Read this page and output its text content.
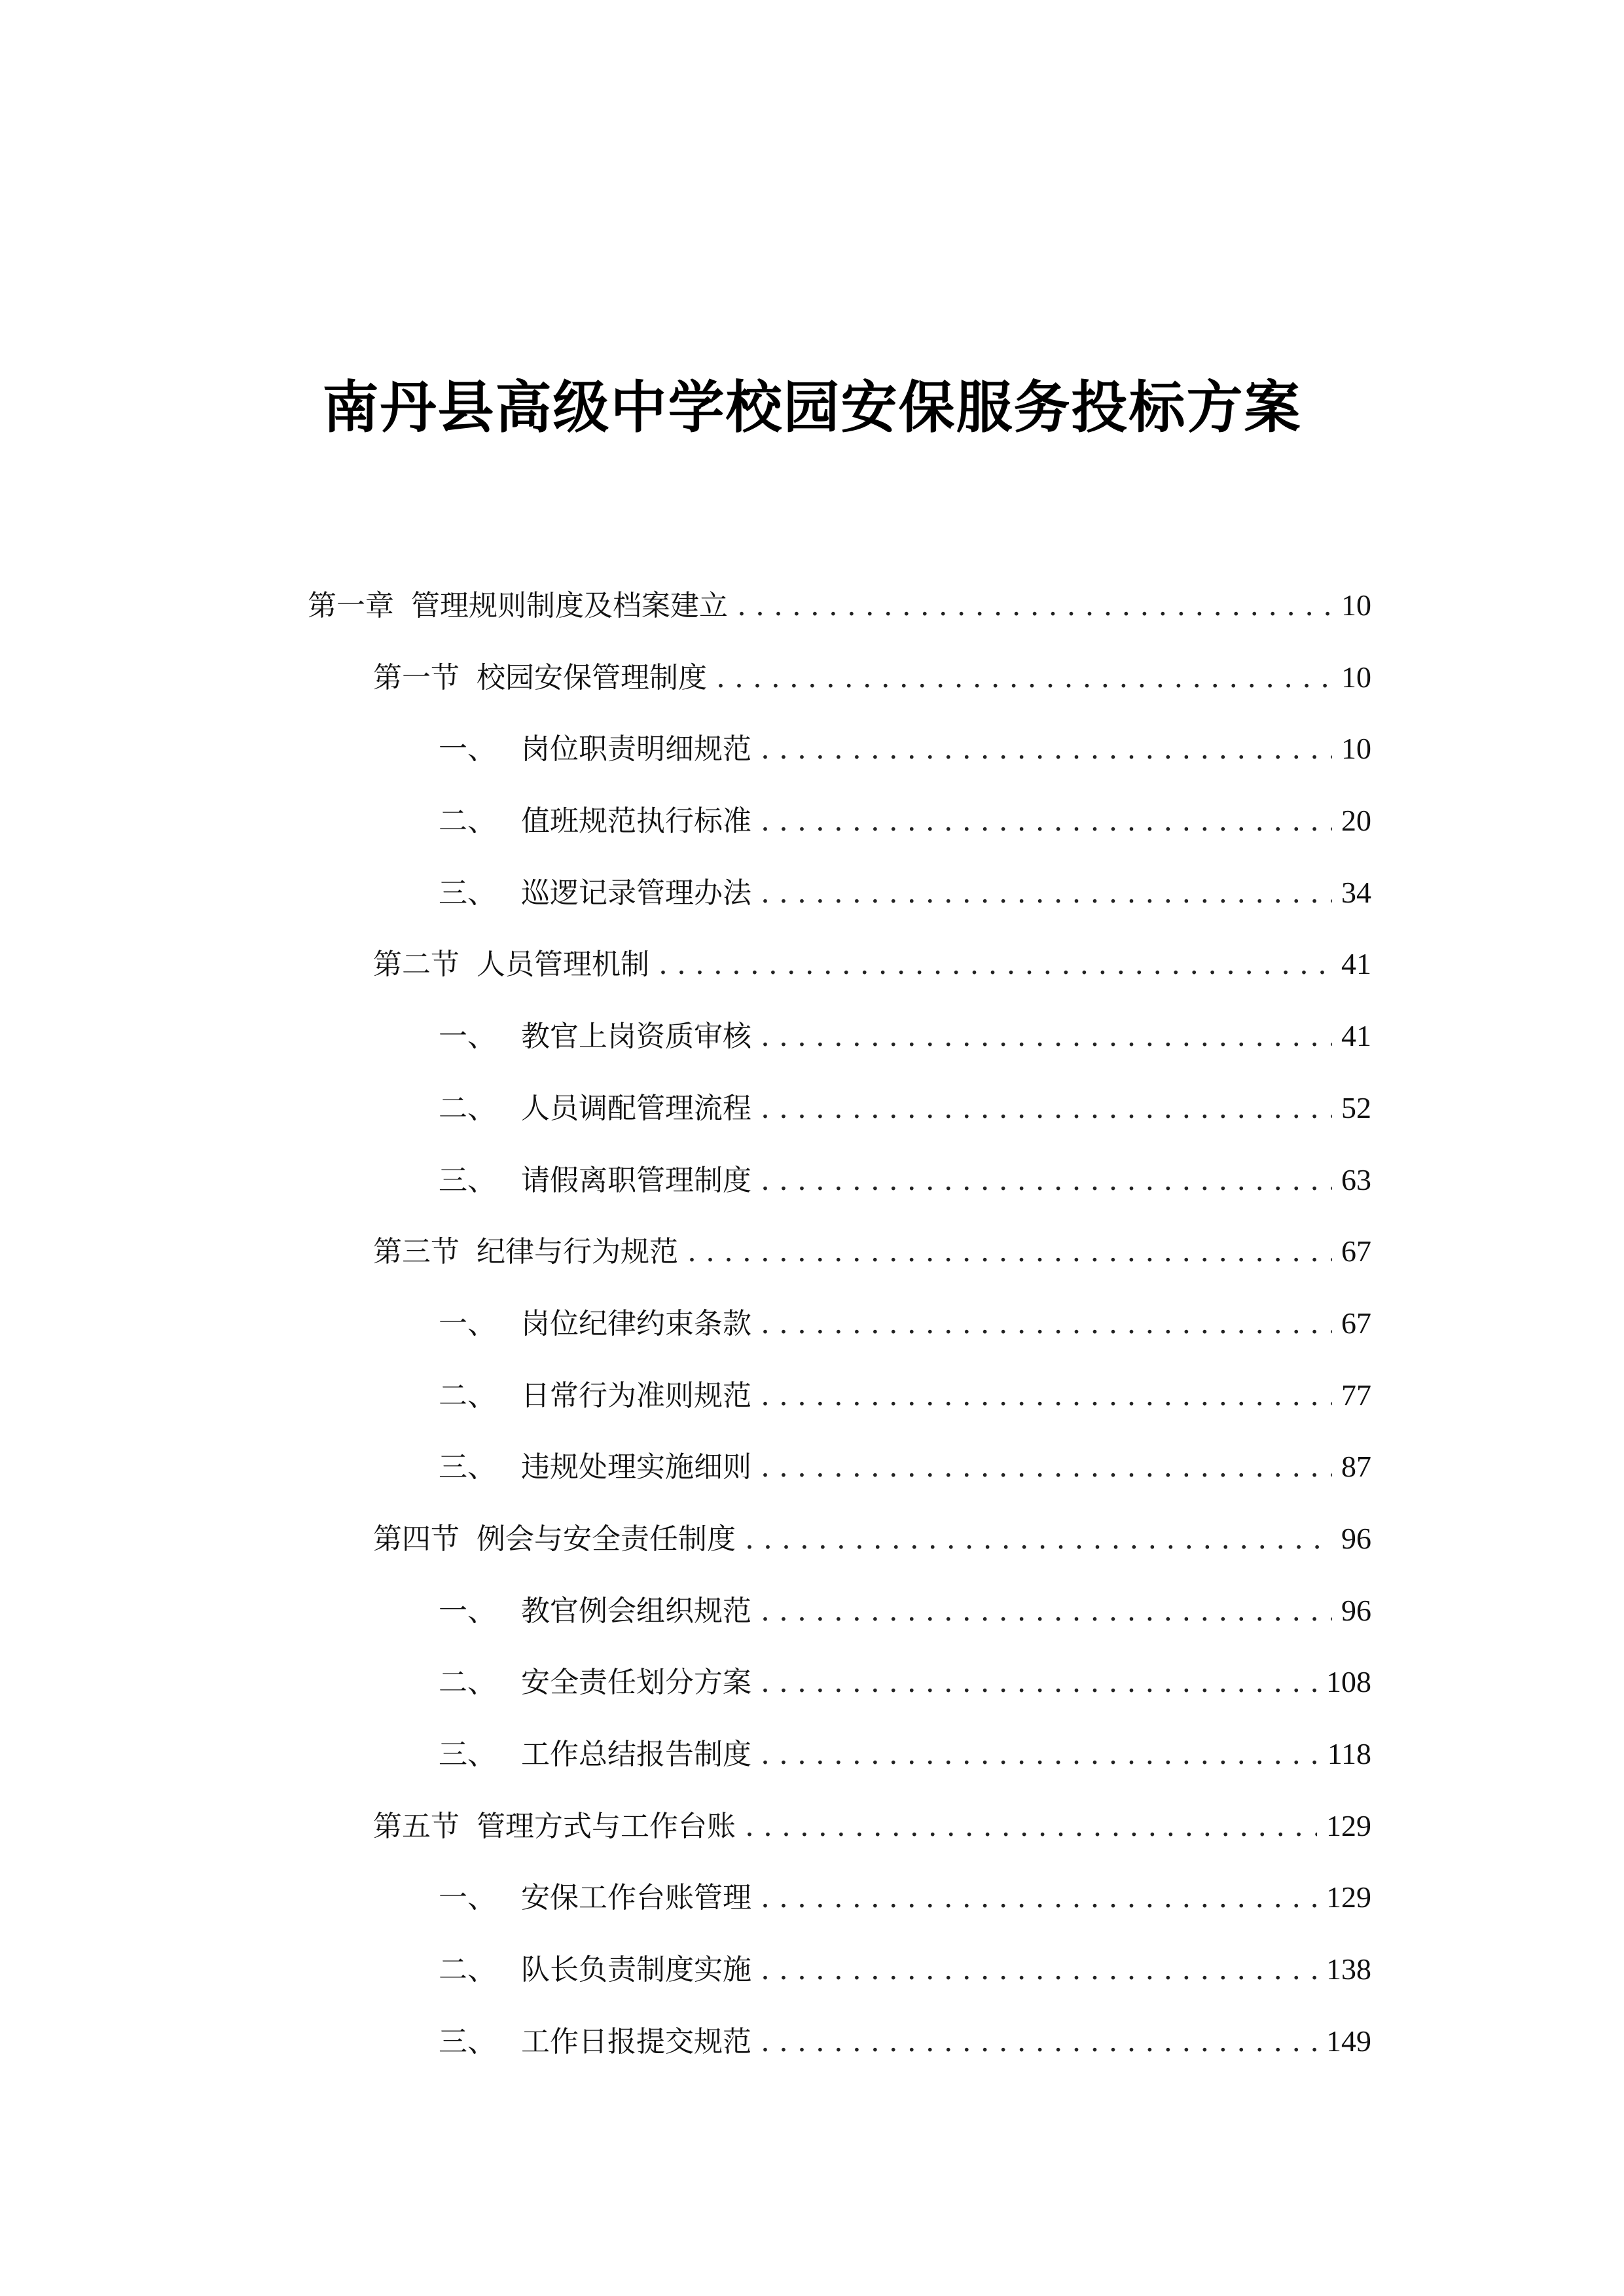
南丹县高级中学校园安保服务投标方案
第一章 管理规则制度及档案建立 . . .	10
第一节 校园安保管理制度 . . .	10
一、 岗位职责明细规范 . . .	10
二、 值班规范执行标准 . . .	20
三、 巡逻记录管理办法 . . .	34
第二节 人员管理机制 . . .	41
一、 教官上岗资质审核 . . .	41
二、 人员调配管理流程 . . .	52
三、 请假离职管理制度 . . .	63
第三节 纪律与行为规范 . . .	67
一、 岗位纪律约束条款 . . .	67
二、 日常行为准则规范 . . .	77
三、 违规处理实施细则 . . .	87
第四节 例会与安全责任制度 . . .	96
一、 教官例会组织规范 . . .	96
二、 安全责任划分方案 . . .	108
三、 工作总结报告制度 . . .	118
第五节 管理方式与工作台账 . . .	129
一、 安保工作台账管理 . . .	129
二、 队长负责制度实施 . . .	138
三、 工作日报提交规范 . . .	149
